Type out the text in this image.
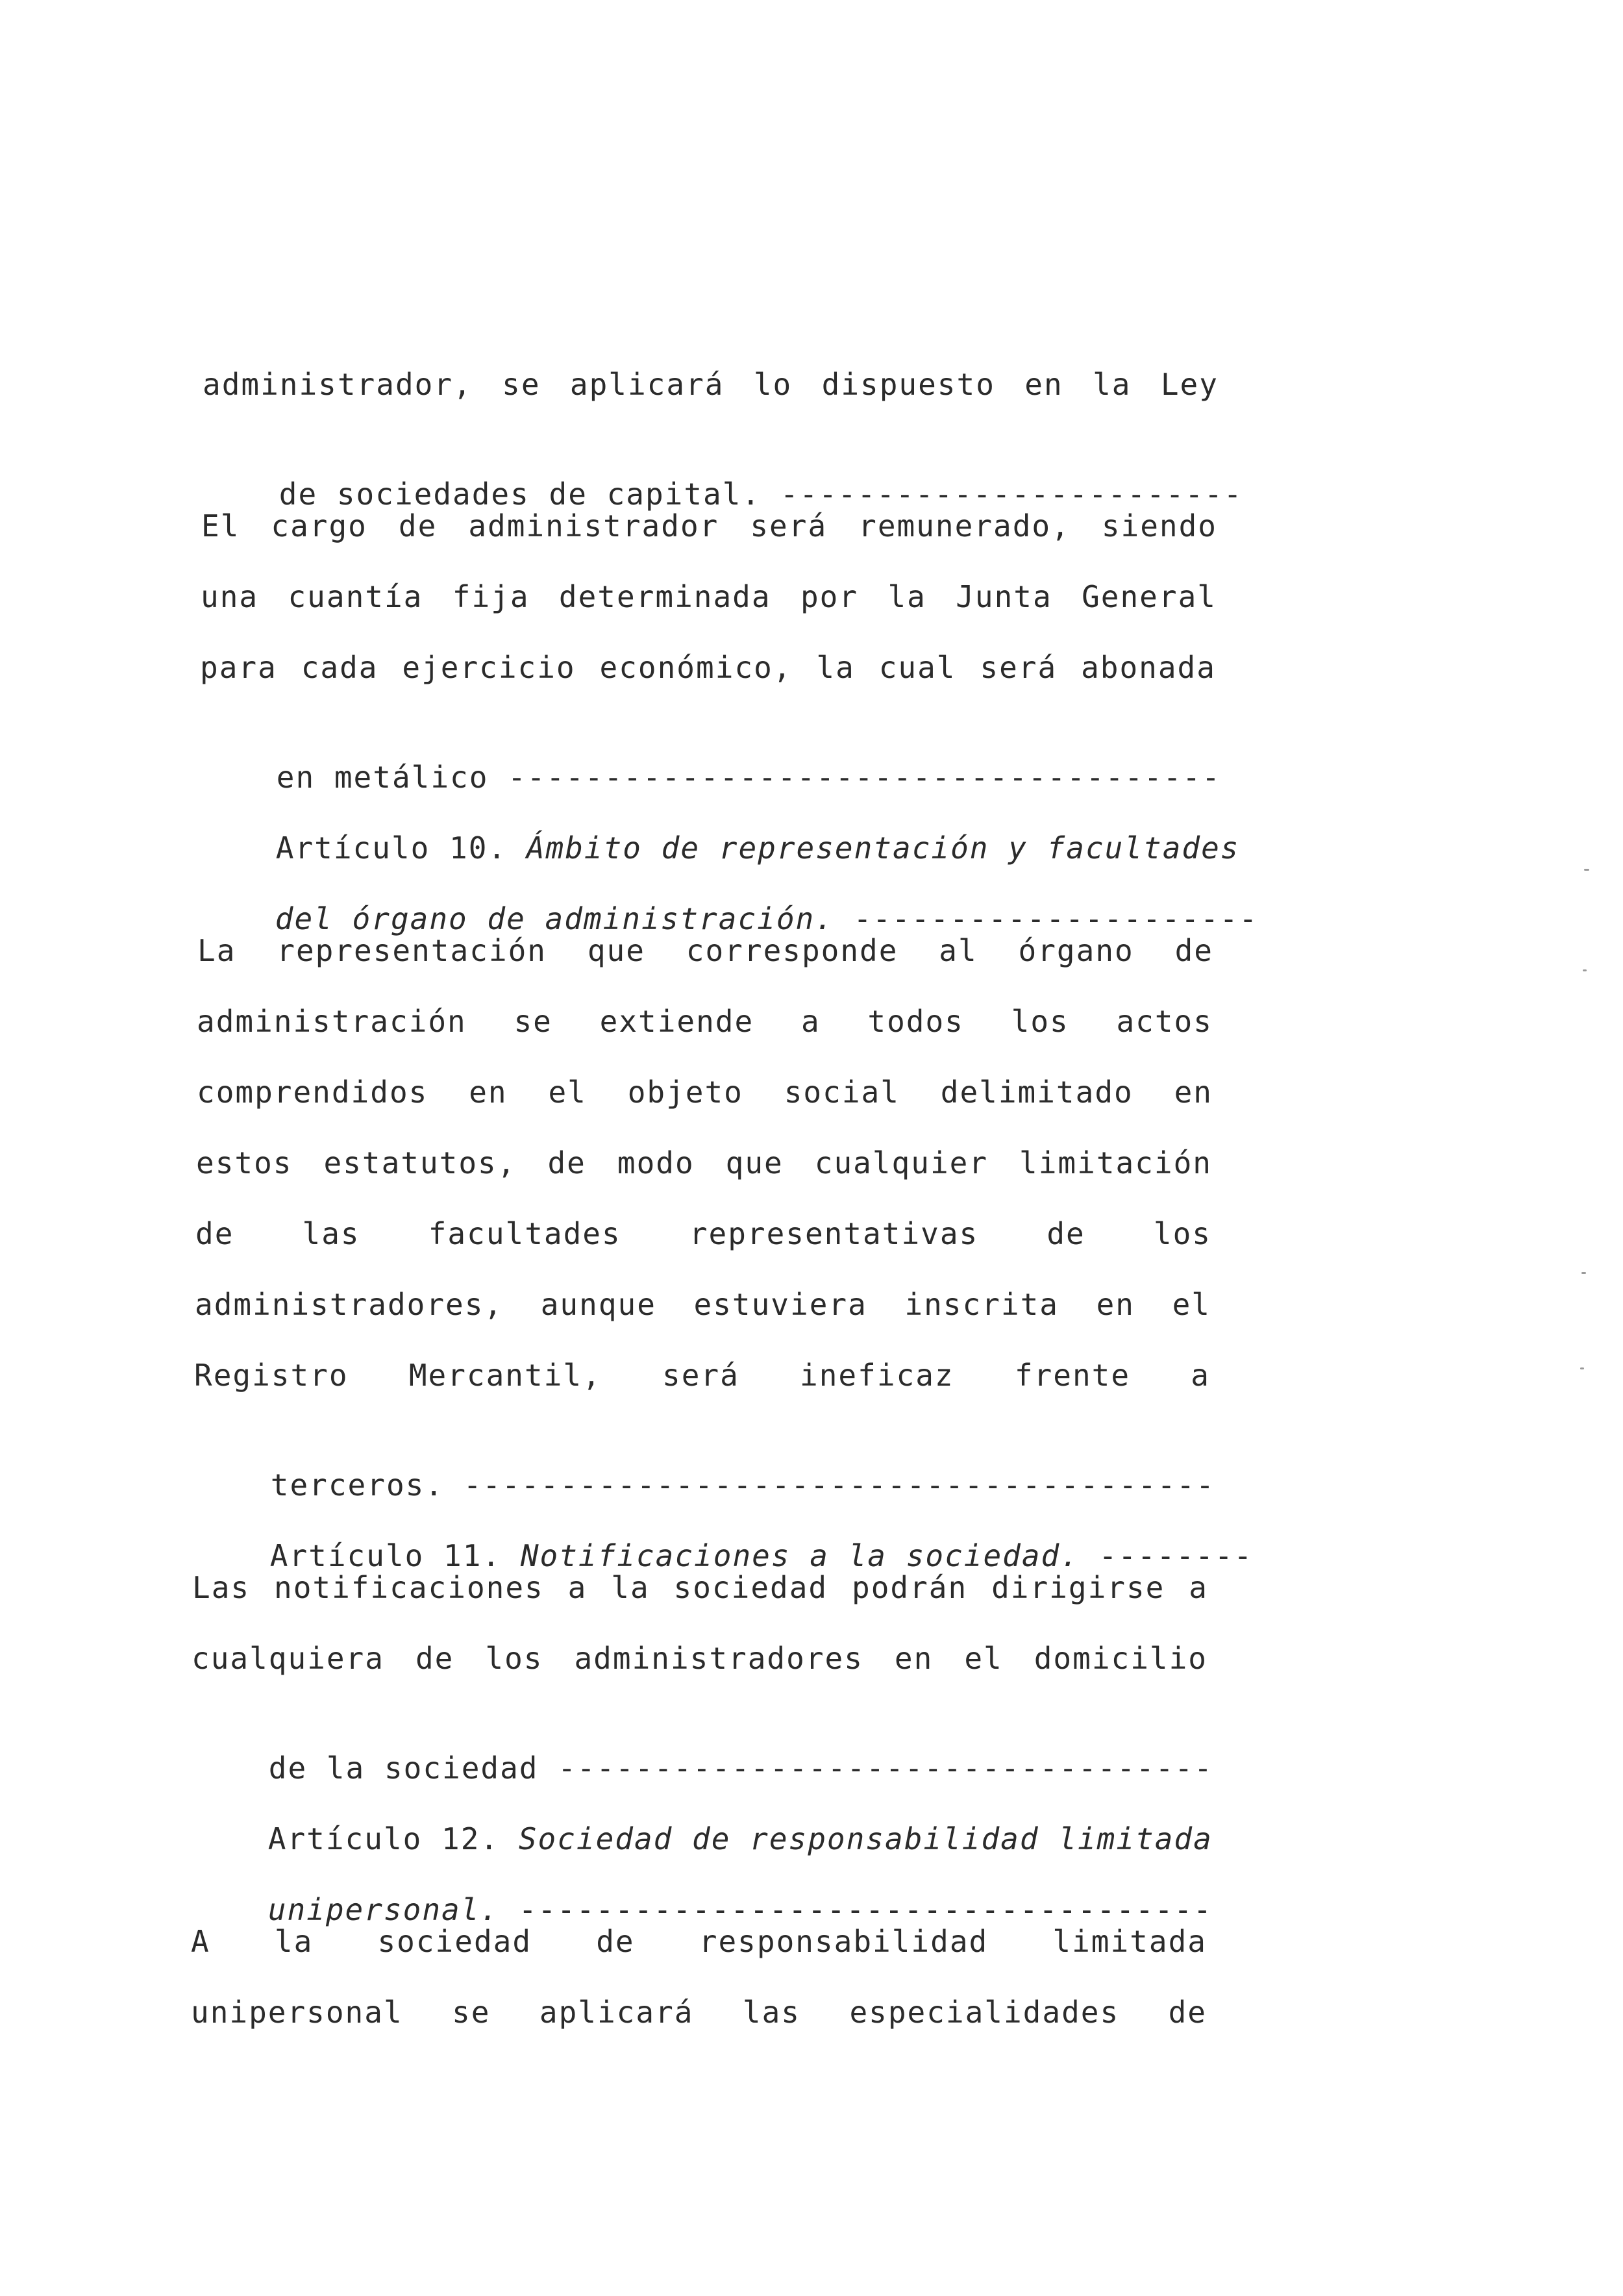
administrador, se aplicará lo dispuesto en la Ley

de sociedades de capital. ------------------------

El cargo de administrador será remunerado, siendo
una cuantía fija determinada por la Junta General
para cada ejercicio económico, la cual será abonada

en metálico -------------------------------------

Artículo 10. Ámbito de representación y facultades

del órgano de administración. ---------------------

La representación que corresponde al órgano de
administración se extiende a todos los actos
comprendidos en el objeto social delimitado en
estos estatutos, de modo que cualquier limitación
de las facultades representativas de los
administradores, aunque estuviera inscrita en el
Registro Mercantil, será ineficaz frente a

terceros. ---------------------------------------

Artículo 11. Notificaciones a la sociedad. --------

Las notificaciones a la sociedad podrán dirigirse a
cualquiera de los administradores en el domicilio

de la sociedad ----------------------------------

Artículo 12. Sociedad de responsabilidad limitada

unipersonal. ------------------------------------

A la sociedad de responsabilidad limitada
unipersonal se aplicará las especialidades de
